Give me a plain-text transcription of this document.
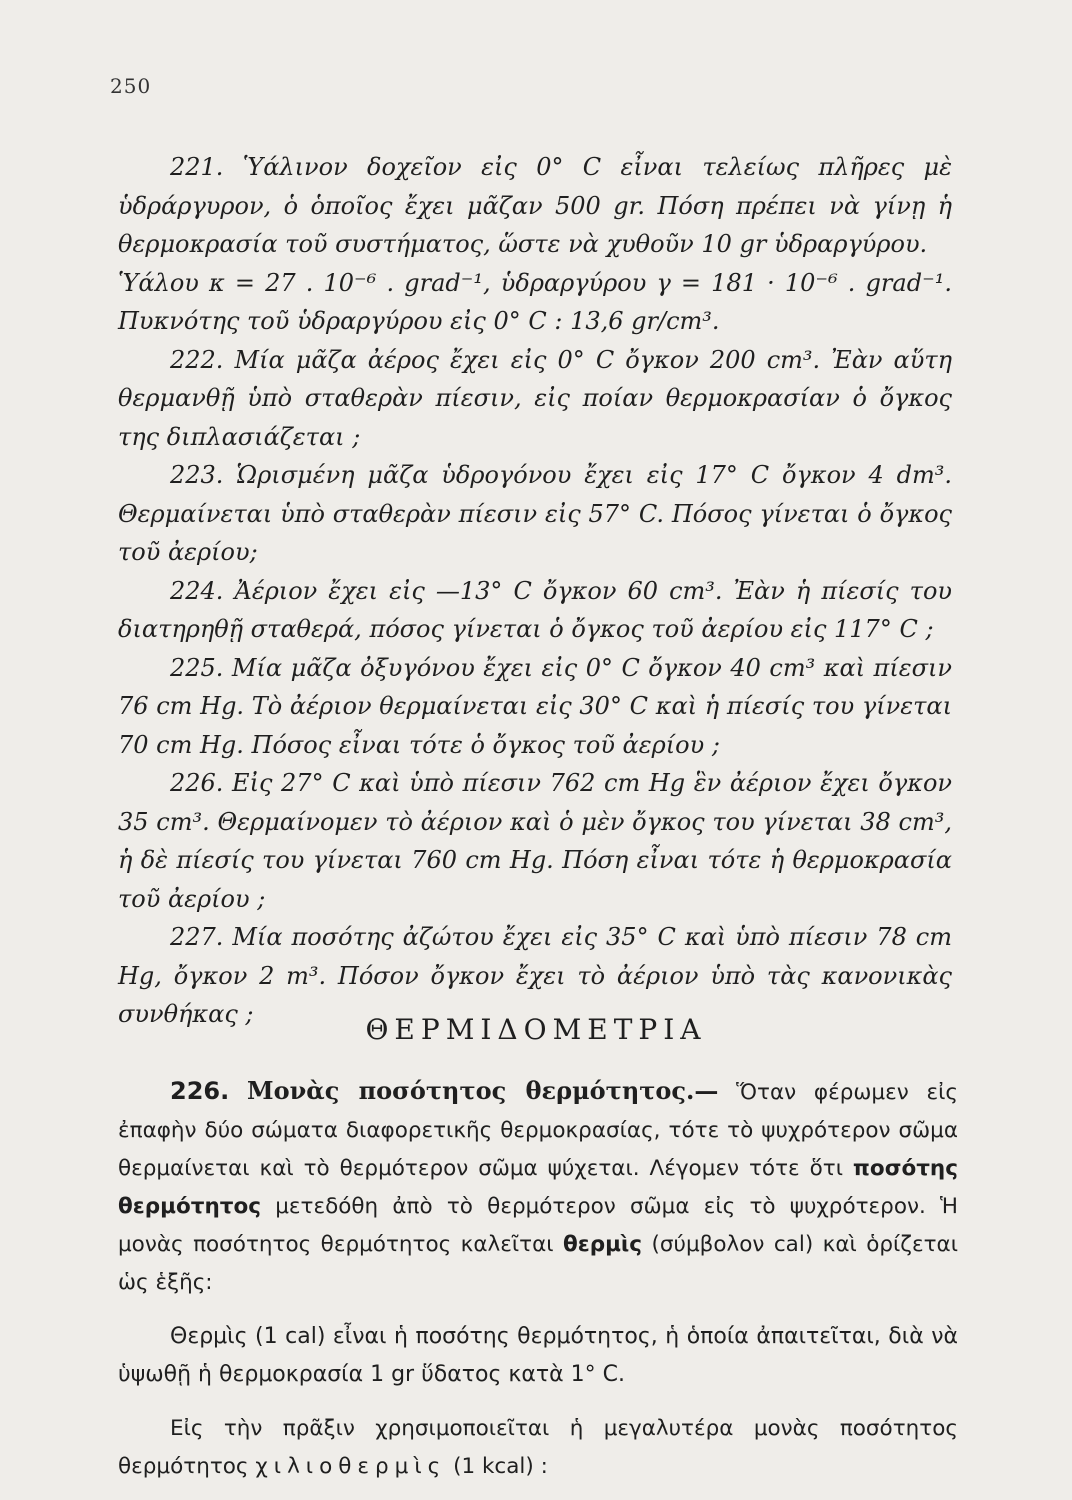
250

221. Ὑάλινον δοχεῖον εἰς 0° C εἶναι τελείως πλῆρες μὲ ὑδράργυρον, ὁ ὁποῖος ἔχει μᾶζαν 500 gr. Πόση πρέπει νὰ γίνῃ ἡ θερμοκρασία τοῦ συστήματος, ὥστε νὰ χυθοῦν 10 gr ὑδραργύρου.

Ὑάλου κ = 27 . 10⁻⁶ . grad⁻¹, ὑδραργύρου γ = 181 · 10⁻⁶ . grad⁻¹. Πυκνότης τοῦ ὑδραργύρου εἰς 0° C : 13,6 gr/cm³.

222. Μία μᾶζα ἀέρος ἔχει εἰς 0° C ὄγκον 200 cm³. Ἐὰν αὕτη θερμανθῇ ὑπὸ σταθερὰν πίεσιν, εἰς ποίαν θερμοκρασίαν ὁ ὄγκος της διπλασιάζεται ;

223. Ὡρισμένη μᾶζα ὑδρογόνου ἔχει εἰς 17° C ὄγκον 4 dm³. Θερμαίνεται ὑπὸ σταθερὰν πίεσιν εἰς 57° C. Πόσος γίνεται ὁ ὄγκος τοῦ ἀερίου;

224. Ἀέριον ἔχει εἰς —13° C ὄγκον 60 cm³. Ἐὰν ἡ πίεσίς του διατηρηθῇ σταθερά, πόσος γίνεται ὁ ὄγκος τοῦ ἀερίου εἰς 117° C ;

225. Μία μᾶζα ὀξυγόνου ἔχει εἰς 0° C ὄγκον 40 cm³ καὶ πίεσιν 76 cm Hg. Τὸ ἀέριον θερμαίνεται εἰς 30° C καὶ ἡ πίεσίς του γίνεται 70 cm Hg. Πόσος εἶναι τότε ὁ ὄγκος τοῦ ἀερίου ;

226. Εἰς 27° C καὶ ὑπὸ πίεσιν 762 cm Hg ἓν ἀέριον ἔχει ὄγκον 35 cm³. Θερμαίνομεν τὸ ἀέριον καὶ ὁ μὲν ὄγκος του γίνεται 38 cm³, ἡ δὲ πίεσίς του γίνεται 760 cm Hg. Πόση εἶναι τότε ἡ θερμοκρασία τοῦ ἀερίου ;

227. Μία ποσότης ἀζώτου ἔχει εἰς 35° C καὶ ὑπὸ πίεσιν 78 cm Hg, ὄγκον 2 m³. Πόσον ὄγκον ἔχει τὸ ἀέριον ὑπὸ τὰς κανονικὰς συνθήκας ;	ΘΕΡΜΙΔΟΜΕΤΡΙΑ

226. Μονὰς ποσότητος θερμότητος.— Ὅταν φέρωμεν εἰς ἐπαφὴν δύο σώματα διαφορετικῆς θερμοκρασίας, τότε τὸ ψυχρότερον σῶμα θερμαίνεται καὶ τὸ θερμότερον σῶμα ψύχεται. Λέγομεν τότε ὅτι ποσότης θερμότητος μετεδόθη ἀπὸ τὸ θερμότερον σῶμα εἰς τὸ ψυχρότερον. Ἡ μονὰς ποσότητος θερμότητος καλεῖται θερμὶς (σύμβολον cal) καὶ ὁρίζεται ὡς ἑξῆς:

Θερμὶς (1 cal) εἶναι ἡ ποσότης θερμότητος, ἡ ὁποία ἀπαιτεῖται, διὰ νὰ ὑψωθῇ ἡ θερμοκρασία 1 gr ὕδατος κατὰ 1° C.

Εἰς τὴν πρᾶξιν χρησιμοποιεῖται ἡ μεγαλυτέρα μονὰς ποσότητος θερμότητος χιλιοθερμὶς (1 kcal) :
